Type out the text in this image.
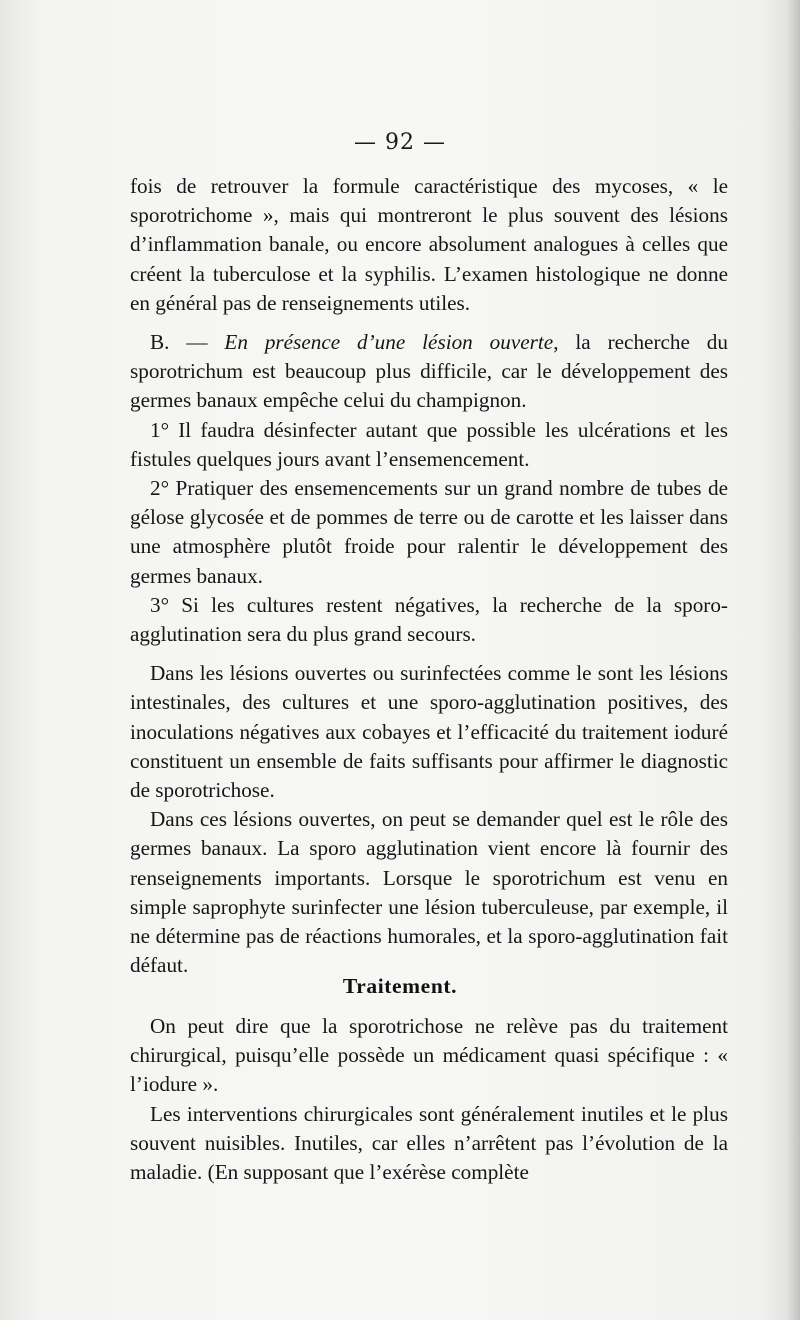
— 92 —

fois de retrouver la formule caractéristique des mycoses, « le sporotrichome », mais qui montreront le plus souvent des lésions d’inflammation banale, ou encore absolument analogues à celles que créent la tuberculose et la syphilis. L’examen histologique ne donne en général pas de renseignements utiles.

B. — En présence d’une lésion ouverte, la recherche du sporotrichum est beaucoup plus difficile, car le développement des germes banaux empêche celui du champignon.

1° Il faudra désinfecter autant que possible les ulcérations et les fistules quelques jours avant l’ensemencement.

2° Pratiquer des ensemencements sur un grand nombre de tubes de gélose glycosée et de pommes de terre ou de carotte et les laisser dans une atmosphère plutôt froide pour ralentir le développement des germes banaux.

3° Si les cultures restent négatives, la recherche de la sporo-agglutination sera du plus grand secours.

Dans les lésions ouvertes ou surinfectées comme le sont les lésions intestinales, des cultures et une sporo-agglutination positives, des inoculations négatives aux cobayes et l’efficacité du traitement ioduré constituent un ensemble de faits suffisants pour affirmer le diagnostic de sporotrichose.

Dans ces lésions ouvertes, on peut se demander quel est le rôle des germes banaux. La sporo agglutination vient encore là fournir des renseignements importants. Lorsque le sporotrichum est venu en simple saprophyte surinfecter une lésion tuberculeuse, par exemple, il ne détermine pas de réactions humorales, et la sporo-agglutination fait défaut.

Traitement.

On peut dire que la sporotrichose ne relève pas du traitement chirurgical, puisqu’elle possède un médicament quasi spécifique : « l’iodure ».

Les interventions chirurgicales sont généralement inutiles et le plus souvent nuisibles. Inutiles, car elles n’arrêtent pas l’évolution de la maladie. (En supposant que l’exérèse complète
